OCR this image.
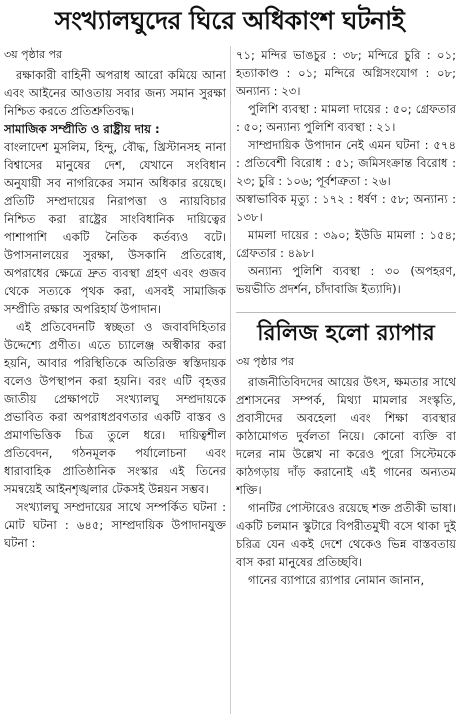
সংখ্যালঘুদের ঘিরে অধিকাংশ ঘটনাই

৩য় পৃষ্ঠার পর

রক্ষাকারী বাহিনী অপরাধ আরো কমিয়ে আনা এবং আইনের আওতায় সবার জন্য সমান সুরক্ষা নিশ্চিত করতে প্রতিশ্রুতিবদ্ধ।

সামাজিক সম্প্রীতি ও রাষ্ট্রীয় দায় :

বাংলাদেশ মুসলিম, হিন্দু, বৌদ্ধ, খ্রিস্টানসহ নানা বিশ্বাসের মানুষের দেশ, যেখানে সংবিধান অনুযায়ী সব নাগরিকের সমান অধিকার রয়েছে। প্রতিটি সম্প্রদায়ের নিরাপত্তা ও ন্যায়বিচার নিশ্চিত করা রাষ্ট্রের সাংবিধানিক দায়িত্বের পাশাপাশি একটি নৈতিক কর্তব্যও বটে। উপাসনালয়ের সুরক্ষা, উসকানি প্রতিরোধ, অপরাধের ক্ষেত্রে দ্রুত ব্যবস্থা গ্রহণ এবং গুজব থেকে সত্যকে পৃথক করা, এসবই সামাজিক সম্প্রীতি রক্ষার অপরিহার্য উপাদান।

এই প্রতিবেদনটি স্বচ্ছতা ও জবাবদিহিতার উদ্দেশ্যে প্রণীত। এতে চ্যালেঞ্জ অস্বীকার করা হয়নি, আবার পরিস্থিতিকে অতিরিক্ত স্বস্তিদায়ক বলেও উপস্থাপন করা হয়নি। বরং এটি বৃহত্তর জাতীয় প্রেক্ষাপটে সংখ্যালঘু সম্প্রদায়কে প্রভাবিত করা অপরাধপ্রবণতার একটি বাস্তব ও প্রমাণভিত্তিক চিত্র তুলে ধরে। দায়িত্বশীল প্রতিবেদন, গঠনমূলক পর্যালোচনা এবং ধারাবাহিক প্রাতিষ্ঠানিক সংস্কার এই তিনের সমন্বয়েই আইনশৃঙ্খলার টেকসই উন্নয়ন সম্ভব।

সংখ্যালঘু সম্প্রদায়ের সাথে সম্পর্কিত ঘটনা : মোট ঘটনা : ৬৪৫; সাম্প্রদায়িক উপাদানযুক্ত ঘটনা :

৭১; মন্দির ভাঙচুর : ৩৮; মন্দিরে চুরি : ০১; হত্যাকাণ্ড : ০১; মন্দিরে অগ্নিসংযোগ : ০৮; অন্যান্য : ২৩।
পুলিশি ব্যবস্থা : মামলা দায়ের : ৫০; গ্রেফতার : ৫০; অন্যান্য পুলিশি ব্যবস্থা : ২১।
সাম্প্রদায়িক উপাদান নেই এমন ঘটনা : ৫৭৪ : প্রতিবেশী বিরোধ : ৫১; জমিসংক্রান্ত বিরোধ : ২৩; চুরি : ১০৬; পূর্বশত্রুতা : ২৬।
অস্বাভাবিক মৃত্যু : ১৭২ : ধর্ষণ : ৫৮; অন্যান্য : ১৩৮।
মামলা দায়ের : ৩৯০; ইউডি মামলা : ১৫৪; গ্রেফতার : ৪৯৮।
অন্যান্য পুলিশি ব্যবস্থা : ৩০ (অপহরণ, ভয়ভীতি প্রদর্শন, চাঁদাবাজি ইত্যাদি)।
রিলিজ হলো র‌্যাপার

৩য় পৃষ্ঠার পর

রাজনীতিবিদদের আয়ের উৎস, ক্ষমতার সাথে প্রশাসনের সম্পর্ক, মিথ্যা মামলার সংস্কৃতি, প্রবাসীদের অবহেলা এবং শিক্ষা ব্যবস্থার কাঠামোগত দুর্বলতা নিয়ে। কোনো ব্যক্তি বা দলের নাম উল্লেখ না করেও পুরো সিস্টেমকে কাঠগড়ায় দাঁড় করানোই এই গানের অন্যতম শক্তি।

গানটির পোস্টারেও রয়েছে শক্ত প্রতীকী ভাষা। একটি চলমান স্কুটারে বিপরীতমুখী বসে থাকা দুই চরিত্র যেন একই দেশে থেকেও ভিন্ন বাস্তবতায় বাস করা মানুষের প্রতিচ্ছবি।

গানের ব্যাপারে র‌্যাপার নোমান জানান,
